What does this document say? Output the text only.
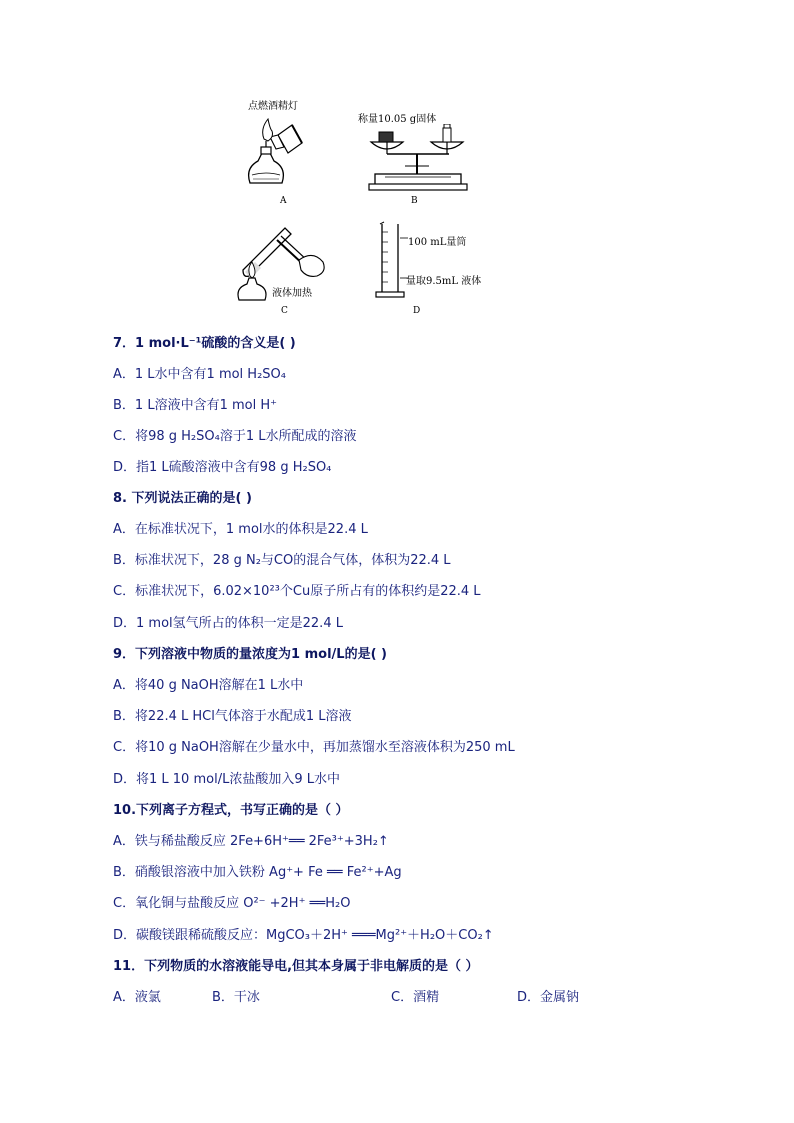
点燃酒精灯
A
称量10.05 g固体
B
液体加热
C
100 mL量筒
量取9.5mL 液体
D
7．1 mol·L⁻¹硫酸的含义是( )
A．1 L水中含有1 mol H₂SO₄
B．1 L溶液中含有1 mol H⁺
C．将98 g H₂SO₄溶于1 L水所配成的溶液
D．指1 L硫酸溶液中含有98 g H₂SO₄
8. 下列说法正确的是( )
A．在标准状况下，1 mol水的体积是22.4 L
B．标准状况下，28 g N₂与CO的混合气体，体积为22.4 L
C．标准状况下，6.02×10²³个Cu原子所占有的体积约是22.4 L
D．1 mol氢气所占的体积一定是22.4 L
9．下列溶液中物质的量浓度为1 mol/L的是( )
A．将40 g NaOH溶解在1 L水中
B．将22.4 L HCl气体溶于水配成1 L溶液
C．将10 g NaOH溶解在少量水中，再加蒸馏水至溶液体积为250 mL
D．将1 L 10 mol/L浓盐酸加入9 L水中
10.下列离子方程式，书写正确的是（ ）
A．铁与稀盐酸反应 2Fe+6H⁺══ 2Fe³⁺+3H₂↑
B．硝酸银溶液中加入铁粉 Ag⁺+ Fe ══ Fe²⁺+Ag
C．氧化铜与盐酸反应 O²⁻ +2H⁺ ══H₂O
D．碳酸镁跟稀硫酸反应：MgCO₃＋2H⁺ ═══Mg²⁺＋H₂O＋CO₂↑
11．下列物质的水溶液能导电,但其本身属于非电解质的是（ ）
A．液氯	B．干冰	C．酒精	D．金属钠
